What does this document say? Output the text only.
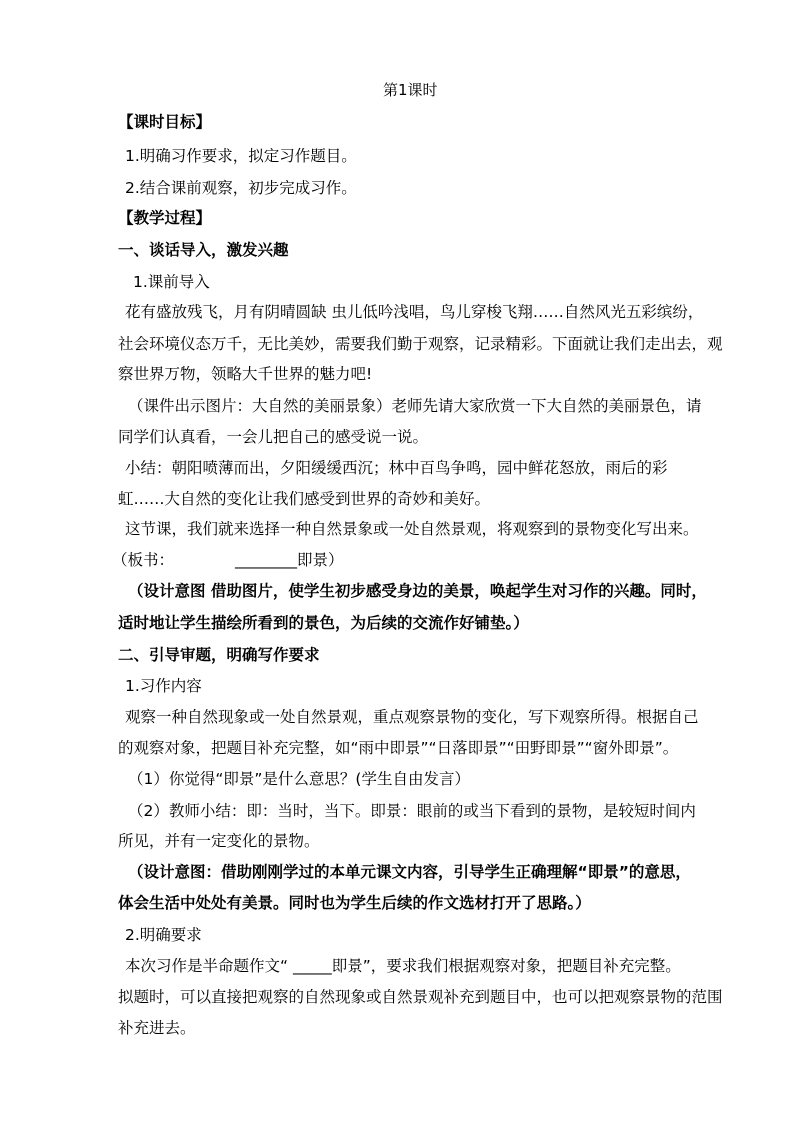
第1课时
【课时目标】
1.明确习作要求，拟定习作题目。
2.结合课前观察，初步完成习作。
【教学过程】
一、谈话导入，激发兴趣
1.课前导入
花有盛放残飞，月有阴晴圆缺 虫儿低吟浅唱，鸟儿穿梭飞翔……自然风光五彩缤纷，
社会环境仪态万千，无比美妙，需要我们勤于观察，记录精彩。下面就让我们走出去，观
察世界万物，领略大千世界的魅力吧!
（课件出示图片：大自然的美丽景象）老师先请大家欣赏一下大自然的美丽景色，请
同学们认真看，一会儿把自己的感受说一说。
小结：朝阳喷薄而出，夕阳缓缓西沉；林中百鸟争鸣，园中鲜花怒放，雨后的彩
虹……大自然的变化让我们感受到世界的奇妙和美好。
这节课，我们就来选择一种自然景象或一处自然景观，将观察到的景物变化写出来。
（板书：	________即景）
（设计意图 借助图片，使学生初步感受身边的美景，唤起学生对习作的兴趣。同时，
适时地让学生描绘所看到的景色，为后续的交流作好铺垫。）
二、引导审题，明确写作要求
1.习作内容
观察一种自然现象或一处自然景观，重点观察景物的变化，写下观察所得。根据自己
的观察对象，把题目补充完整，如“雨中即景”“日落即景”“田野即景”“窗外即景”。
（1）你觉得“即景”是什么意思？(学生自由发言）
（2）教师小结：即：当时，当下。即景：眼前的或当下看到的景物，是较短时间内
所见，并有一定变化的景物。
（设计意图：借助刚刚学过的本单元课文内容，引导学生正确理解“即景”的意思，
体会生活中处处有美景。同时也为学生后续的作文选材打开了思路。）
2.明确要求
本次习作是半命题作文“ _____即景”，要求我们根据观察对象，把题目补充完整。
拟题时，可以直接把观察的自然现象或自然景观补充到题目中，也可以把观察景物的范围
补充进去。
